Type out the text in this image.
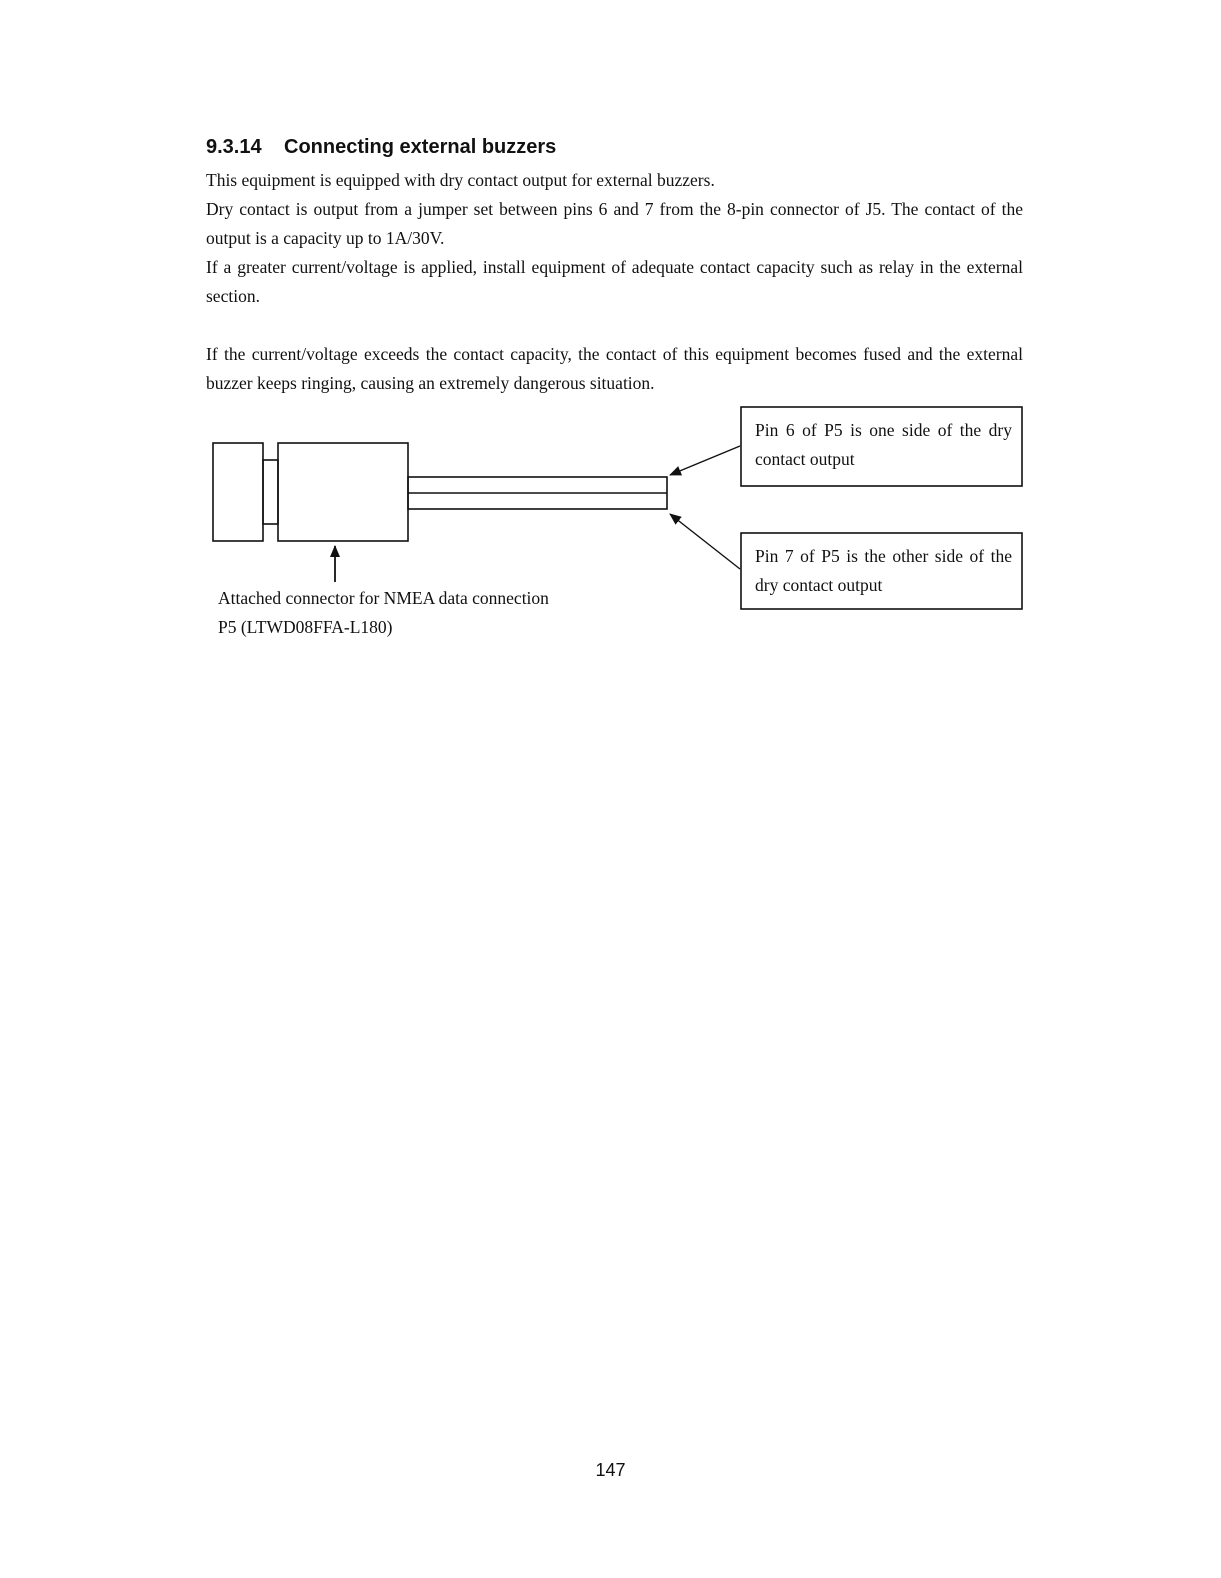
9.3.14 Connecting external buzzers

This equipment is equipped with dry contact output for external buzzers.

Dry contact is output from a jumper set between pins 6 and 7 from the 8-pin connector of J5. The contact of the output is a capacity up to 1A/30V.

If a greater current/voltage is applied, install equipment of adequate contact capacity such as relay in the external section.

If the current/voltage exceeds the contact capacity, the contact of this equipment becomes fused and the external buzzer keeps ringing, causing an extremely dangerous situation.

Pin 6 of P5 is one side of the dry contact output

Pin 7 of P5 is the other side of the dry contact output

Attached connector for NMEA data connection
P5 (LTWD08FFA-L180)
147
